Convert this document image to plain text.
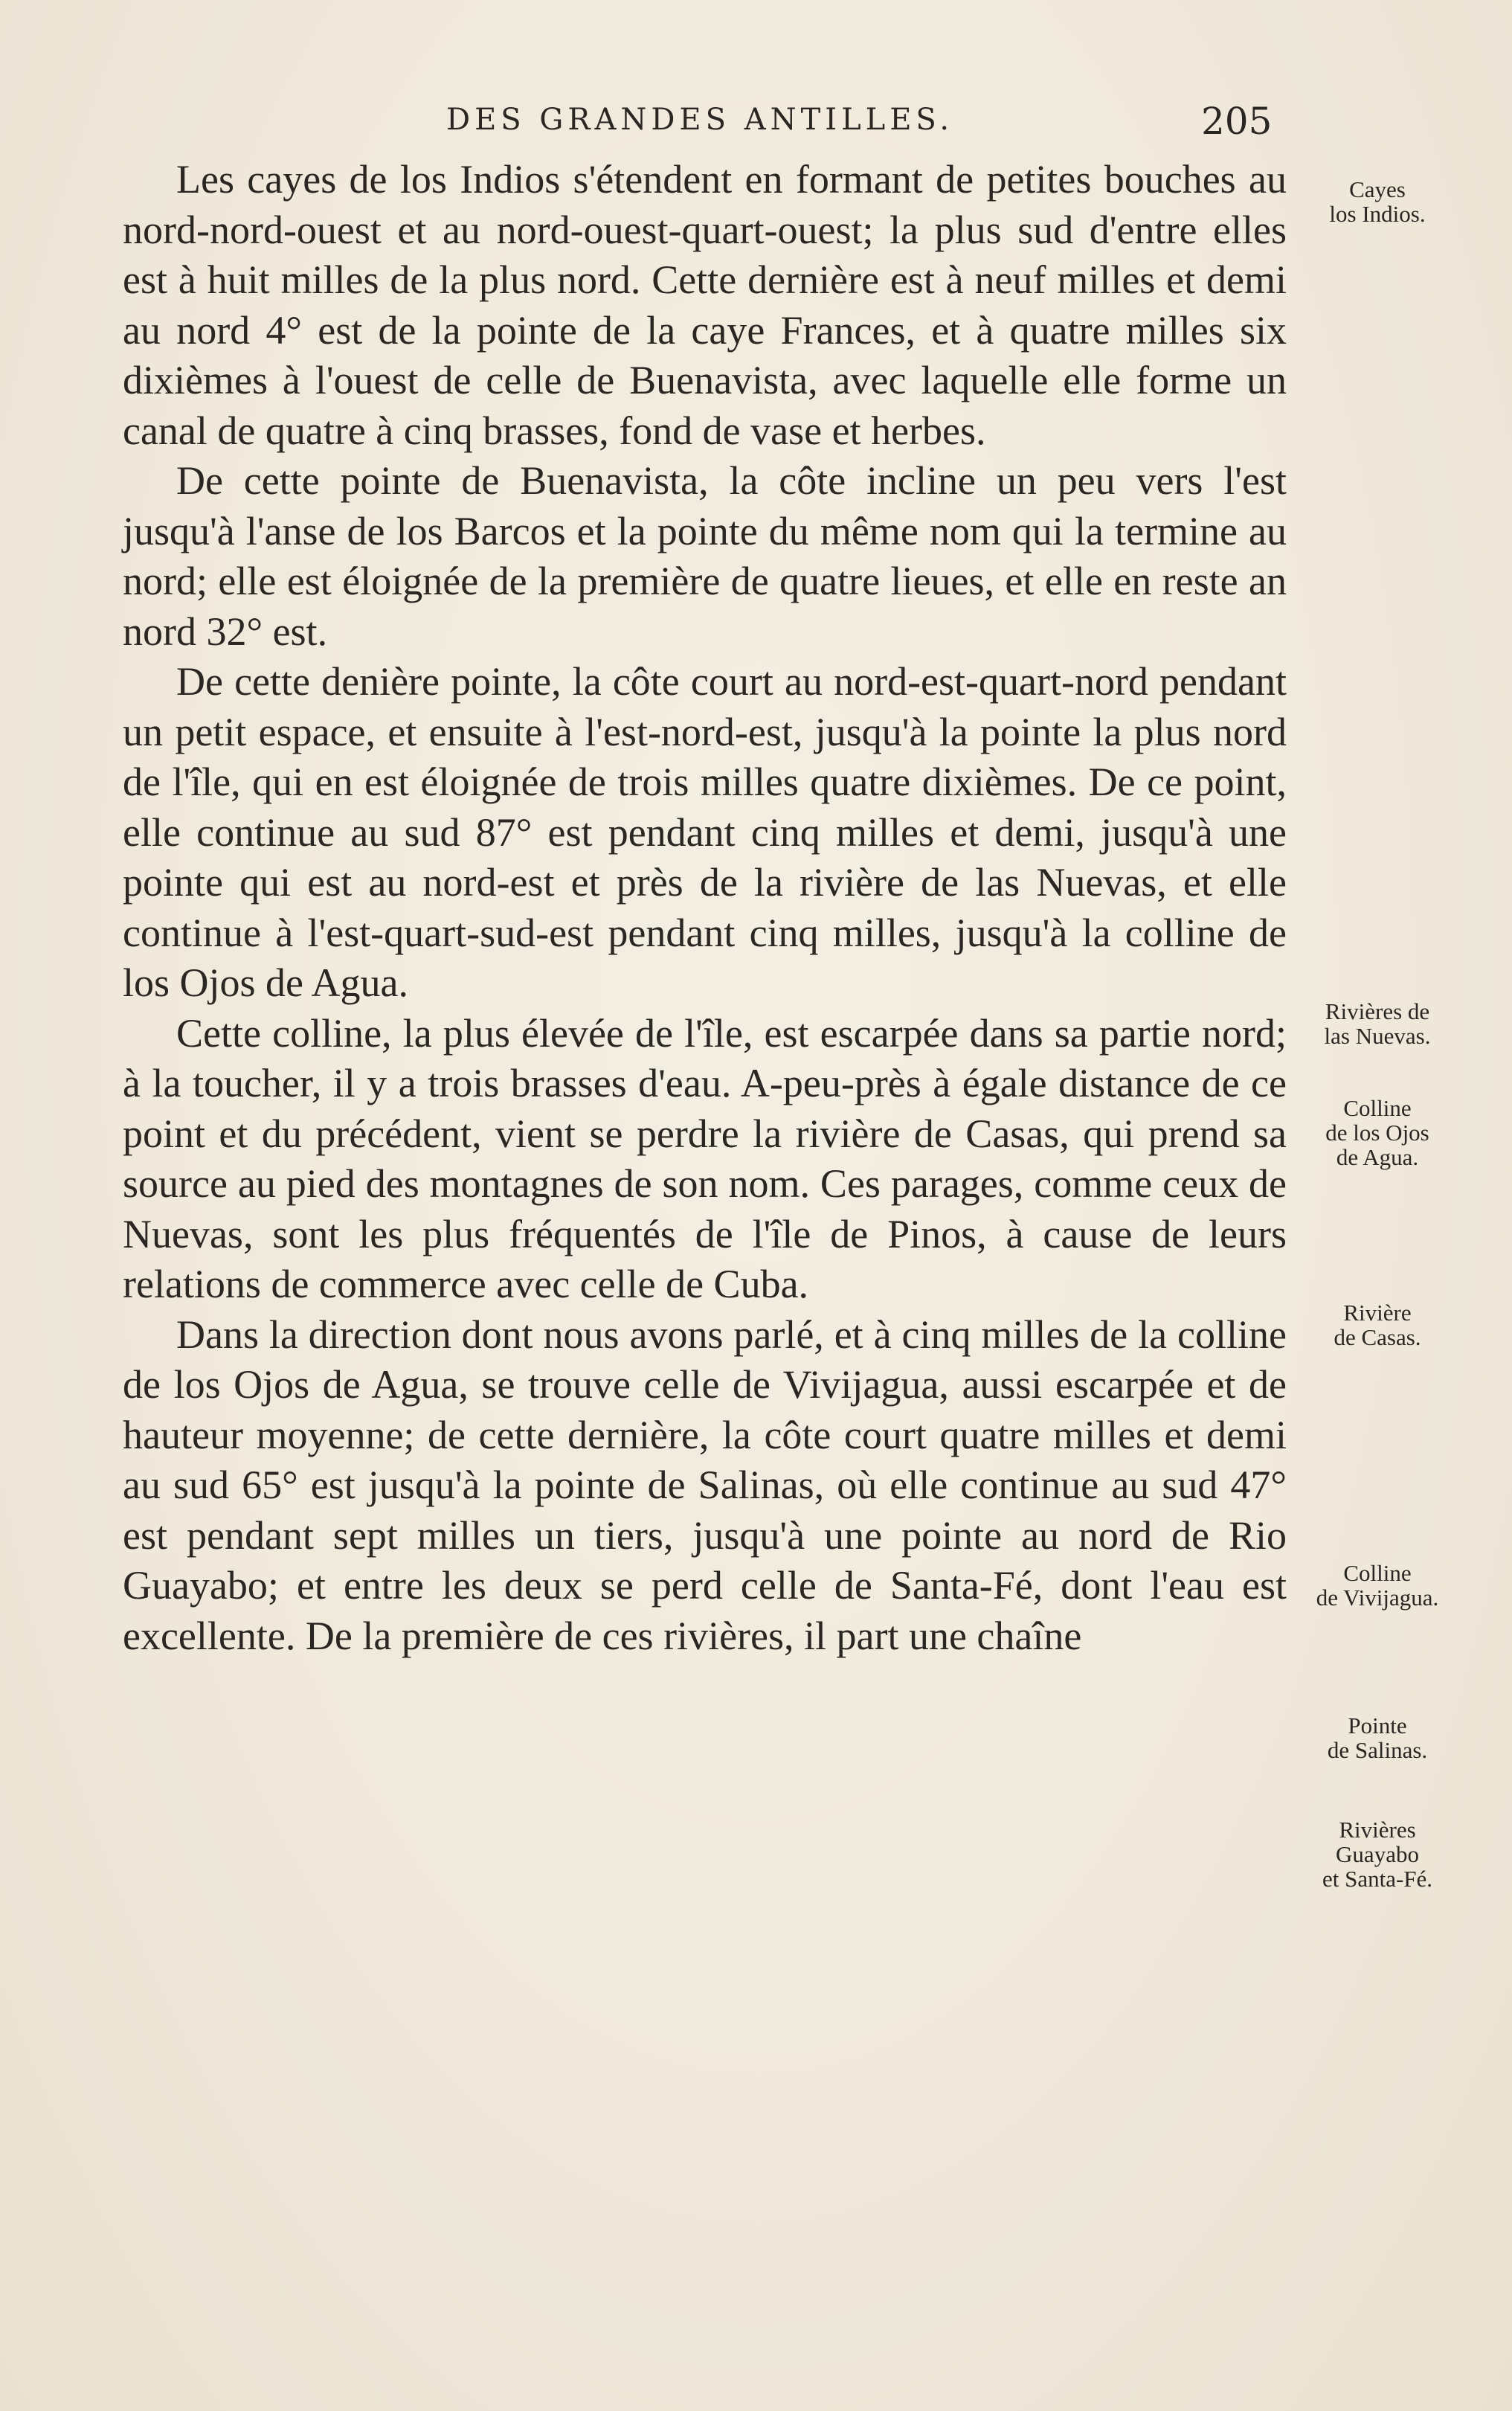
DES GRANDES ANTILLES.	205

Les cayes de los Indios s'étendent en formant de petites bouches au nord-nord-ouest et au nord-ouest-quart-ouest; la plus sud d'entre elles est à huit milles de la plus nord. Cette dernière est à neuf milles et demi au nord 4° est de la pointe de la caye Frances, et à quatre milles six dixièmes à l'ouest de celle de Buenavista, avec laquelle elle forme un canal de quatre à cinq brasses, fond de vase et herbes.

De cette pointe de Buenavista, la côte incline un peu vers l'est jusqu'à l'anse de los Barcos et la pointe du même nom qui la termine au nord; elle est éloignée de la première de quatre lieues, et elle en reste an nord 32° est.

De cette denière pointe, la côte court au nord-est-quart-nord pendant un petit espace, et ensuite à l'est-nord-est, jusqu'à la pointe la plus nord de l'île, qui en est éloignée de trois milles quatre dixièmes. De ce point, elle continue au sud 87° est pendant cinq milles et demi, jusqu'à une pointe qui est au nord-est et près de la rivière de las Nuevas, et elle continue à l'est-quart-sud-est pendant cinq milles, jusqu'à la colline de los Ojos de Agua.

Cette colline, la plus élevée de l'île, est escarpée dans sa partie nord; à la toucher, il y a trois brasses d'eau. A-peu-près à égale distance de ce point et du précédent, vient se perdre la rivière de Casas, qui prend sa source au pied des montagnes de son nom. Ces parages, comme ceux de Nuevas, sont les plus fréquentés de l'île de Pinos, à cause de leurs relations de commerce avec celle de Cuba.

Dans la direction dont nous avons parlé, et à cinq milles de la colline de los Ojos de Agua, se trouve celle de Vivijagua, aussi escarpée et de hauteur moyenne; de cette dernière, la côte court quatre milles et demi au sud 65° est jusqu'à la pointe de Salinas, où elle continue au sud 47° est pendant sept milles un tiers, jusqu'à une pointe au nord de Rio Guayabo; et entre les deux se perd celle de Santa-Fé, dont l'eau est excellente. De la première de ces rivières, il part une chaîne

Cayes
los Indios.
Rivières de
las Nuevas.
Colline
de los Ojos
de Agua.
Rivière
de Casas.
Colline
de Vivijagua.
Pointe
de Salinas.
Rivières
Guayabo
et Santa-Fé.
